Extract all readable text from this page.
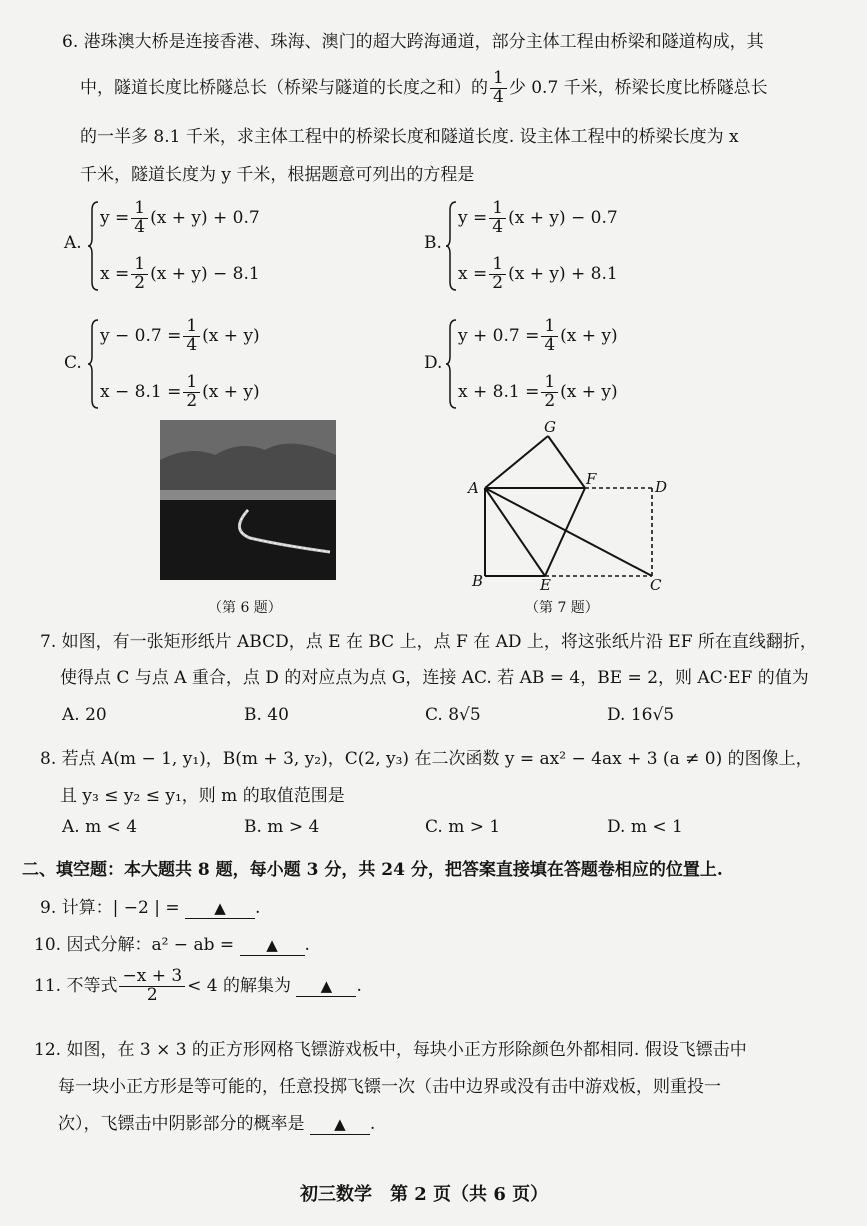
6. 港珠澳大桥是连接香港、珠海、澳门的超大跨海通道，部分主体工程由桥梁和隧道构成，其
中，隧道长度比桥隧总长（桥梁与隧道的长度之和）的 $\frac{1}{4}$ 少 0.7 千米，桥梁长度比桥隧总长
的一半多 8.1 千米，求主体工程中的桥梁长度和隧道长度. 设主体工程中的桥梁长度为 x
千米，隧道长度为 y 千米，根据题意可列出的方程是
A.
$y = \frac{1}{4} (x + y) + 0.7$
$x = \frac{1}{2} (x + y) - 8.1$
B.
$y = \frac{1}{4} (x + y) - 0.7$
$x = \frac{1}{2} (x + y) + 8.1$
C.
$y - 0.7 = \frac{1}{4} (x + y)$
$x - 8.1 = \frac{1}{2} (x + y)$
D.
$y + 0.7 = \frac{1}{4} (x + y)$
$x + 8.1 = \frac{1}{2} (x + y)$
（第 6 题）
G
A	F	D
B	E	C
（第 7 题）
7. 如图，有一张矩形纸片 ABCD，点 E 在 BC 上，点 F 在 AD 上，将这张纸片沿 EF 所在直线翻折，
使得点 C 与点 A 重合，点 D 的对应点为点 G，连接 AC. 若 AB = 4，BE = 2，则 AC·EF 的值为
A. 20	B. 40	C. 8√5	D. 16√5
8. 若点 A(m − 1, y₁)，B(m + 3, y₂)，C(2, y₃) 在二次函数 y = ax² − 4ax + 3 (a ≠ 0) 的图像上，
且 y₃ ≤ y₂ ≤ y₁，则 m 的取值范围是
A. m < 4	B. m > 4	C. m > 1	D. m < 1
二、填空题：本大题共 8 题，每小题 3 分，共 24 分，把答案直接填在答题卷相应的位置上.
9. 计算：| −2 | = ▲ .
10. 因式分解：a² − ab = ▲ .
11. 不等式 $\frac{-x + 3}{2} < 4$ 的解集为 ▲ .
12. 如图，在 3 × 3 的正方形网格飞镖游戏板中，每块小正方形除颜色外都相同. 假设飞镖击中
每一块小正方形是等可能的，任意投掷飞镖一次（击中边界或没有击中游戏板，则重投一
次），飞镖击中阴影部分的概率是 ▲ .
初三数学　第 2 页（共 6 页）
